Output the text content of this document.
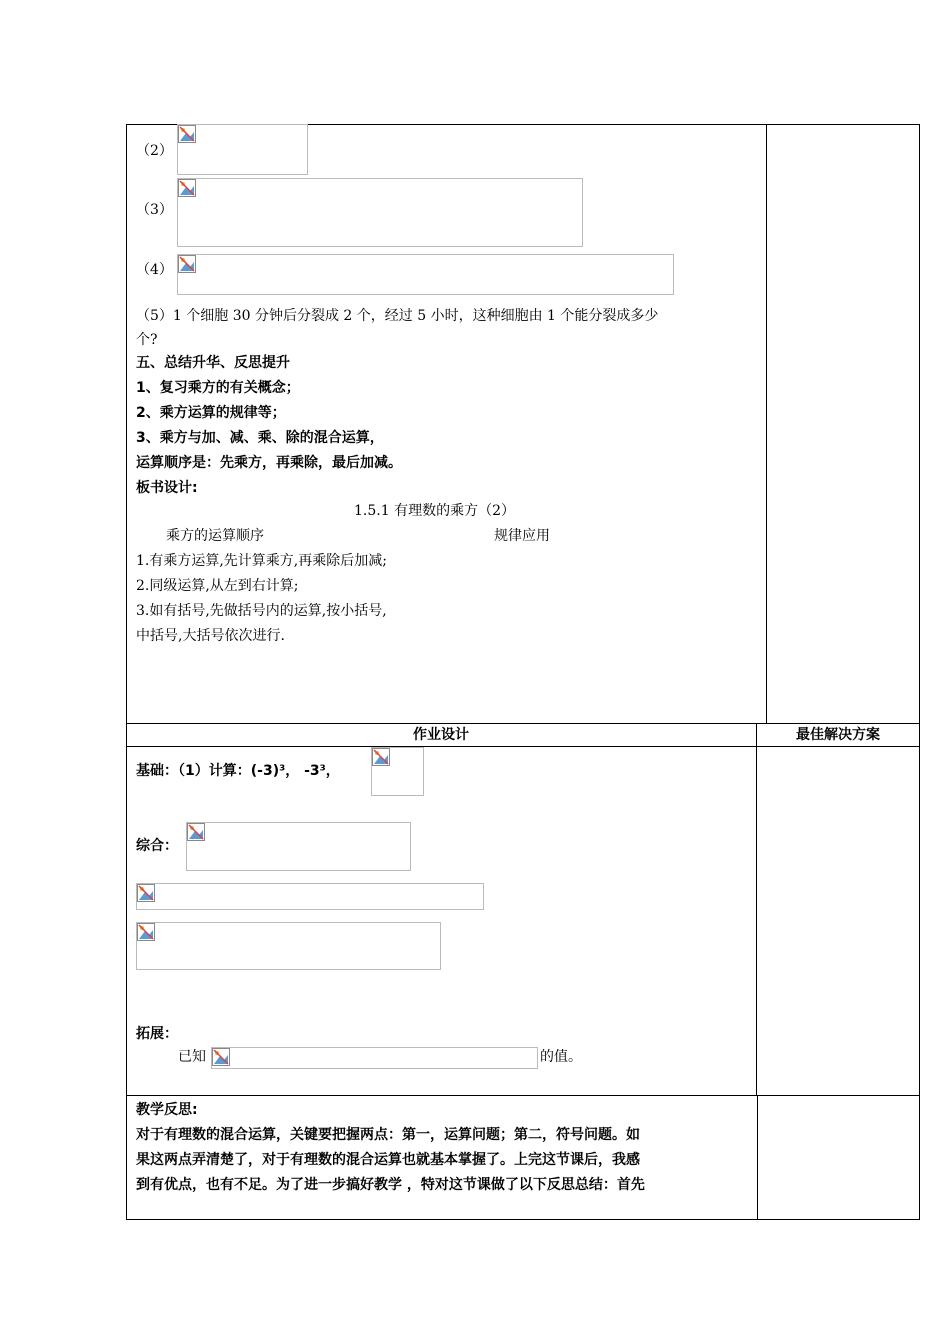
（2）
（3）
（4）
（5）1 个细胞 30 分钟后分裂成 2 个，经过 5 小时，这种细胞由 1 个能分裂成多少
个?
五、总结升华、反思提升
1、复习乘方的有关概念；
2、乘方运算的规律等；
3、乘方与加、减、乘、除的混合运算，
运算顺序是：先乘方，再乘除，最后加减。
板书设计:
1.5.1 有理数的乘方（2）
乘方的运算顺序	规律应用
1.有乘方运算,先计算乘方,再乘除后加减;
2.同级运算,从左到右计算;
3.如有括号,先做括号内的运算,按小括号,
中括号,大括号依次进行.
作业设计	最佳解决方案
基础：（1）计算：(-3)³， -3³，
综合：
拓展：
已知	的值。
教学反思:
对于有理数的混合运算，关键要把握两点：第一，运算问题；第二，符号问题。如
果这两点弄清楚了，对于有理数的混合运算也就基本掌握了。上完这节课后，我感
到有优点，也有不足。为了进一步搞好教学 ，特对这节课做了以下反思总结：首先
